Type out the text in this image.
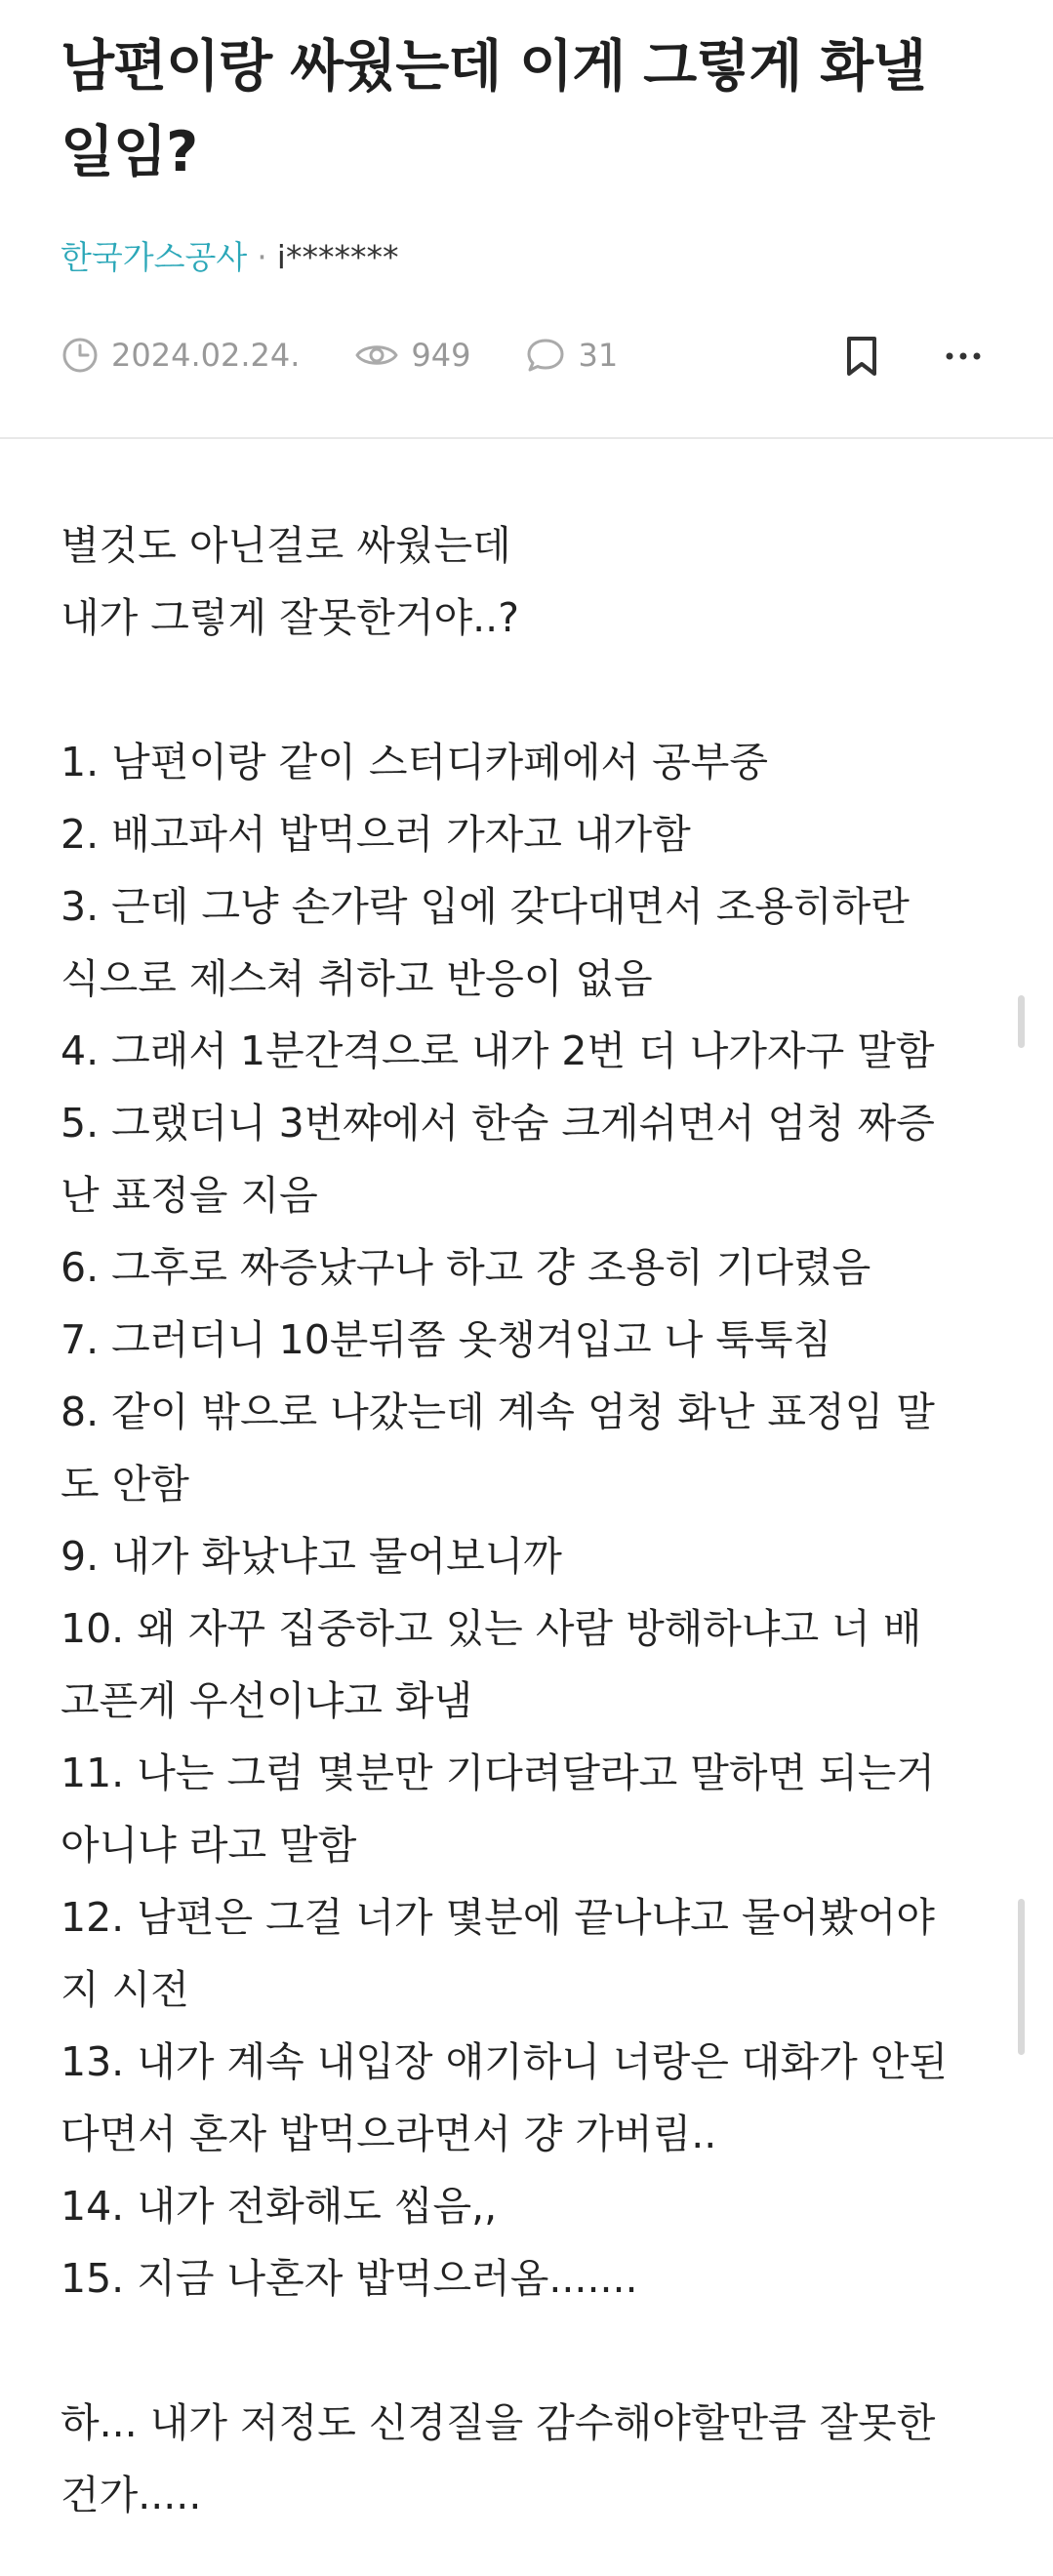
남편이랑 싸웠는데 이게 그렇게 화낼
일임?
한국가스공사 · i*******
2024.02.24.	949	31
별것도 아닌걸로 싸웠는데
내가 그렇게 잘못한거야..?
1. 남편이랑 같이 스터디카페에서 공부중
2. 배고파서 밥먹으러 가자고 내가함
3. 근데 그냥 손가락 입에 갖다대면서 조용히하란
식으로 제스쳐 취하고 반응이 없음
4. 그래서 1분간격으로 내가 2번 더 나가자구 말함
5. 그랬더니 3번쨔에서 한숨 크게쉬면서 엄청 짜증
난 표정을 지음
6. 그후로 짜증났구나 하고 걍 조용히 기다렸음
7. 그러더니 10분뒤쯤 옷챙겨입고 나 툭툭침
8. 같이 밖으로 나갔는데 계속 엄청 화난 표정임 말
도 안함
9. 내가 화났냐고 물어보니까
10. 왜 자꾸 집중하고 있는 사람 방해하냐고 너 배
고픈게 우선이냐고 화냄
11. 나는 그럼 몇분만 기다려달라고 말하면 되는거
아니냐 라고 말함
12. 남편은 그걸 너가 몇분에 끝나냐고 물어봤어야
지 시전
13. 내가 계속 내입장 얘기하니 너랑은 대화가 안된
다면서 혼자 밥먹으라면서 걍 가버림..
14. 내가 전화해도 씹음,,
15. 지금 나혼자 밥먹으러옴.......
하... 내가 저정도 신경질을 감수해야할만큼 잘못한
건가.....
